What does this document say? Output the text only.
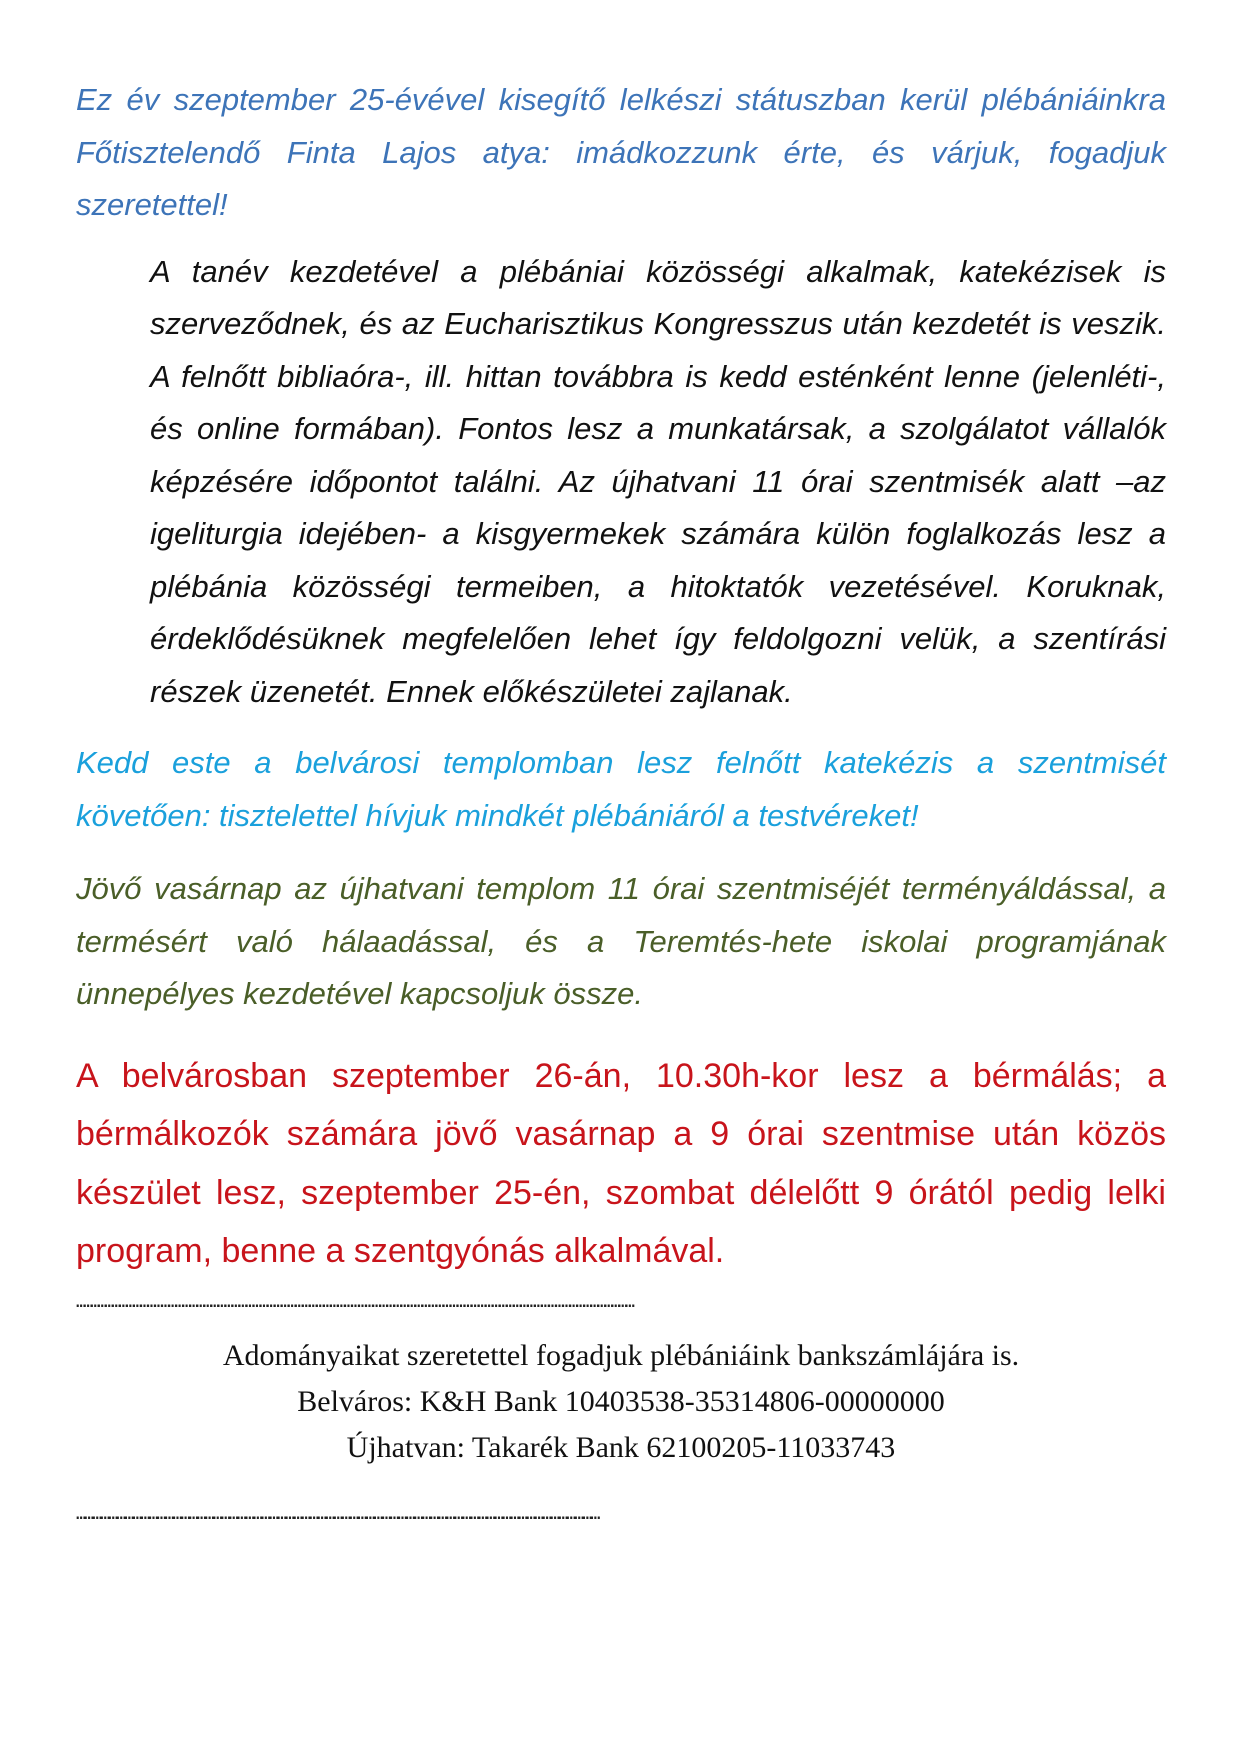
Ez év szeptember 25-évével kisegítő lelkészi státuszban kerül plébániáinkra Főtisztelendő Finta Lajos atya: imádkozzunk érte, és várjuk, fogadjuk szeretettel!

A tanév kezdetével a plébániai közösségi alkalmak, katekézisek is szerveződnek, és az Eucharisztikus Kongresszus után kezdetét is veszik. A felnőtt bibliaóra-, ill. hittan továbbra is kedd esténként lenne (jelenléti-, és online formában). Fontos lesz a munkatársak, a szolgálatot vállalók képzésére időpontot találni. Az újhatvani 11 órai szentmisék alatt –az igeliturgia idejében- a kisgyermekek számára külön foglalkozás lesz a plébánia közösségi termeiben, a hitoktatók vezetésével. Koruknak, érdeklődésüknek megfelelően lehet így feldolgozni velük, a szentírási részek üzenetét. Ennek előkészületei zajlanak.

Kedd este a belvárosi templomban lesz felnőtt katekézis a szentmisét követően: tisztelettel hívjuk mindkét plébániáról a testvéreket!

Jövő vasárnap az újhatvani templom 11 órai szentmiséjét terményáldással, a termésért való hálaadással, és a Teremtés-hete iskolai programjának ünnepélyes kezdetével kapcsoljuk össze.

A belvárosban szeptember 26-án, 10.30h-kor lesz a bérmálás; a bérmálkozók számára jövő vasárnap a 9 órai szentmise után közös készület lesz, szeptember 25-én, szombat délelőtt 9 órától pedig lelki program, benne a szentgyónás alkalmával.

…………………………………………………………………………………………………………………………………………………………………………………………………………………
Adományaikat szeretettel fogadjuk plébániáink bankszámlájára is.
Belváros: K&H Bank 10403538-35314806-00000000
Újhatvan: Takarék Bank 62100205-11033743
……………………………………………………………………………………………………………………………………………………………………………
